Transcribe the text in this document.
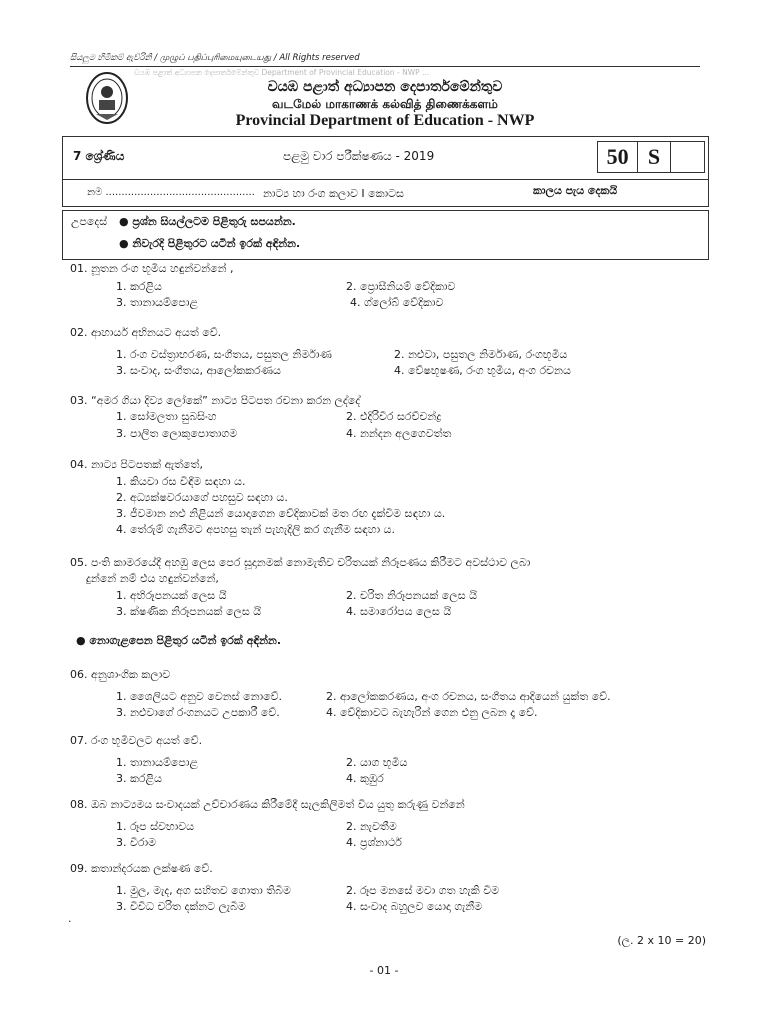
සියලුම හිමිකම් ඇව්රිනි / முழுப் பதிப்புரிமையுடையது / All Rights reserved
වයඹ පළාත් අධ්‍යාපන දෙපාර්තමේන්තුව Department of Provincial Education - NWP ...
වයඹ පළාත් අධ්‍යාපන දෙපාර්තමේන්තුව
வடமேல் மாகாணக் கல்வித் திணைக்களம்
Provincial Department of Education - NWP
7 ශ්‍රේණිය	පළමු වාර පරීක්ෂණය - 2019	50 S
නම ............................................... නාට්‍ය හා රංග කලාව I කොටස	කාලය පැය දෙකයි
උපදෙස් ● ප්‍රශ්න සියල්ලටම පිළිතුරු සපයන්න.
● නිවැරදි පිළිතුරට යටින් ඉරක් අඳින්න.
01. නූතන රංග භූමිය හඳුන්වන්නේ ,
1. කරළිය	2. ප්‍රොසීනියම් වේදිකාව
3. තානායම්පොළ	4. ග්ලෝබ් වේදිකාව
02. ආහාර්ය අභිනයට අයත් වේ.
1. රංග වස්ත්‍රාභරණ, සංගීතය, පසුතල නිර්මාණ	2. නළුවා, පසුතල නිර්මාණ, රංගභූමිය
3. සංවාද, සංගීතය, ආලෝකකරණය	4. වේෂභූෂණ, රංග භූමිය, අංග රචනය
03. “අමර ගියා දිව්‍ය ලෝකේ” නාට්‍ය පිටපත රචනා කරන ලද්දේ
1. සෝමලතා සුබසිංහ	2. එදිරිවීර සරච්චන්ද්‍ර
3. පාලිත ලොකුපොතාගම	4. නන්දන අලගෙවත්ත
04. නාට්‍ය පිටපතක් ඇත්තේ,
1. කියවා රස විඳීම සඳහා ය.
2. අධ්‍යක්ෂවරයාගේ පහසුව සඳහා ය.
3. ජීවමාන නළු නිළියන් යොදාගෙන වේදිකාවක් මත රඟ දැක්වීම සඳහා ය.
4. තේරුම් ගැනීමට අපහසු තැන් පැහැදිලි කර ගැනීම සඳහා ය.
05. පංති කාමරයේදී අහඹු ලෙස පෙර සූදානමක් නොමැතිව චරිතයක් නිරූපණය කිරීමට අවස්ථාව ලබා
දුන්නේ නම් එය හඳුන්වන්නේ,
1. අභිරූපනයක් ලෙස යි	2. චරිත නිරූපනයක් ලෙස යි
3. ක්ෂණික නිරූපනයක් ලෙස යි	4. සමාරෝපය ලෙස යි
● නොගැළපෙන පිළිතුර යටින් ඉරක් අඳින්න.
06. අනුශාංගික කලාව
1. ශෛලියට අනුව වෙනස් නොවේ.	2. ආලෝකකරණය, අංග රචනය, සංගීතය ආදියෙන් යුක්ත වේ.
3. නළුවාගේ රංගනයට උපකාරී වේ.	4. වේදිකාවට බැහැරින් ගෙන එනු ලබන දෑ වේ.
07. රංග භූමිවලට අයත් වේ.
1. තානායම්පොළ	2. යාග භූමිය
3. කරළිය	4. කුඹුර
08. ඔබ නාට්‍යමය සංවාදයක් උච්චාරණය කිරීමේදී සැලකිලිමත් විය යුතු කරුණු වන්නේ
1. රූප ස්වභාවය	2. නැවතීම
3. විරාම	4. ප්‍රශ්නාර්ථ
09. කතාන්දරයක ලක්ෂණ වේ.
1. මුල, මැද, අග සහිතව ගොතා තිබීම	2. රූප මනසේ මවා ගත හැකි වීම
3. විවිධ චරිත දක්නට ලැබීම	4. සංවාද බහුලව යොදා ගැනීම
.
(ල. 2 x 10 = 20)
- 01 -
